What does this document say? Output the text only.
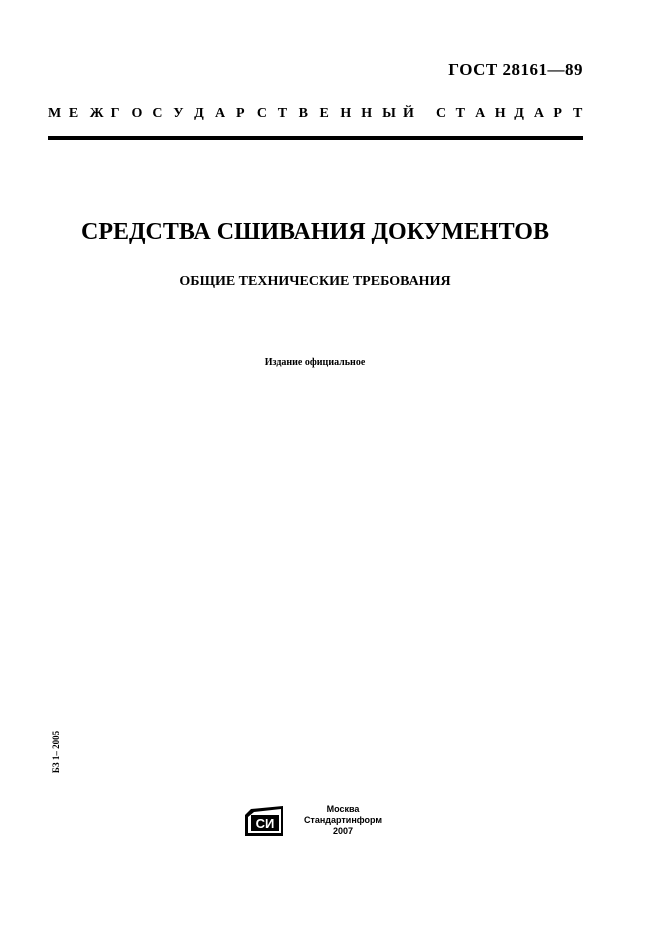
ГОСТ 28161—89
М Е Ж Г О С У Д А Р С Т В Е Н Н Ы Й С Т А Н Д А Р Т
СРЕДСТВА СШИВАНИЯ ДОКУМЕНТОВ
ОБЩИЕ ТЕХНИЧЕСКИЕ ТРЕБОВАНИЯ
Издание официальное
БЗ 1– 2005
СИ
Москва
Стандартинформ
2007
